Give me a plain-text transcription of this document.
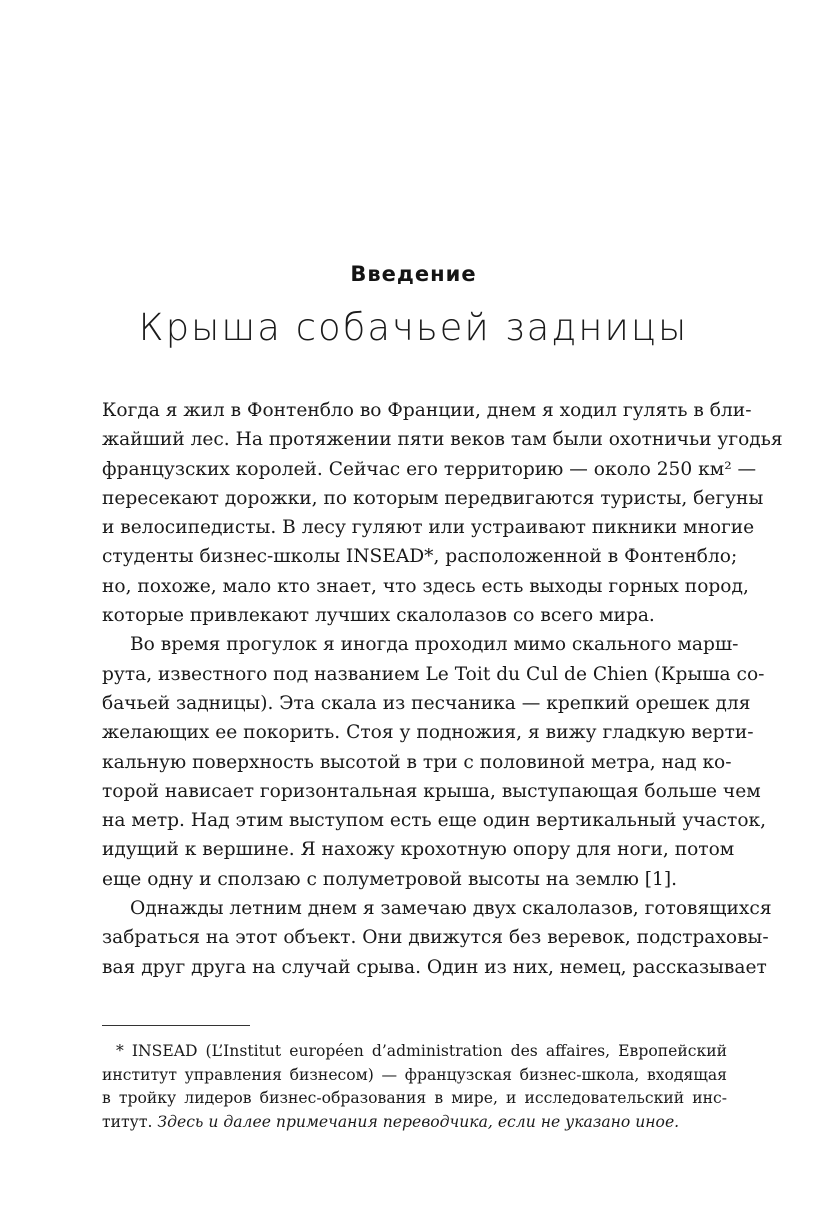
Введение
Крыша собачьей задницы
Когда я жил в Фонтенбло во Франции, днем я ходил гулять в бли-
жайший лес. На протяжении пяти веков там были охотничьи угодья
французских королей. Сейчас его территорию — около 250 км² —
пересекают дорожки, по которым передвигаются туристы, бегуны
и велосипедисты. В лесу гуляют или устраивают пикники многие
студенты бизнес-школы INSEAD*, расположенной в Фонтенбло;
но, похоже, мало кто знает, что здесь есть выходы горных пород,
которые привлекают лучших скалолазов со всего мира.
Во время прогулок я иногда проходил мимо скального марш-
рута, известного под названием Le Toit du Cul de Chien (Крыша со-
бачьей задницы). Эта скала из песчаника — крепкий орешек для
желающих ее покорить. Стоя у подножия, я вижу гладкую верти-
кальную поверхность высотой в три с половиной метра, над ко-
торой нависает горизонтальная крыша, выступающая больше чем
на метр. Над этим выступом есть еще один вертикальный участок,
идущий к вершине. Я нахожу крохотную опору для ноги, потом
еще одну и сползаю с полуметровой высоты на землю [1].
Однажды летним днем я замечаю двух скалолазов, готовящихся
забраться на этот объект. Они движутся без веревок, подстраховы-
вая друг друга на случай срыва. Один из них, немец, рассказывает
* INSEAD (L’Institut européen d’administration des affaires, Европейский
институт управления бизнесом) — французская бизнес-школа, входящая
в тройку лидеров бизнес-образования в мире, и исследовательский инс-
титут. Здесь и далее примечания переводчика, если не указано иное.
